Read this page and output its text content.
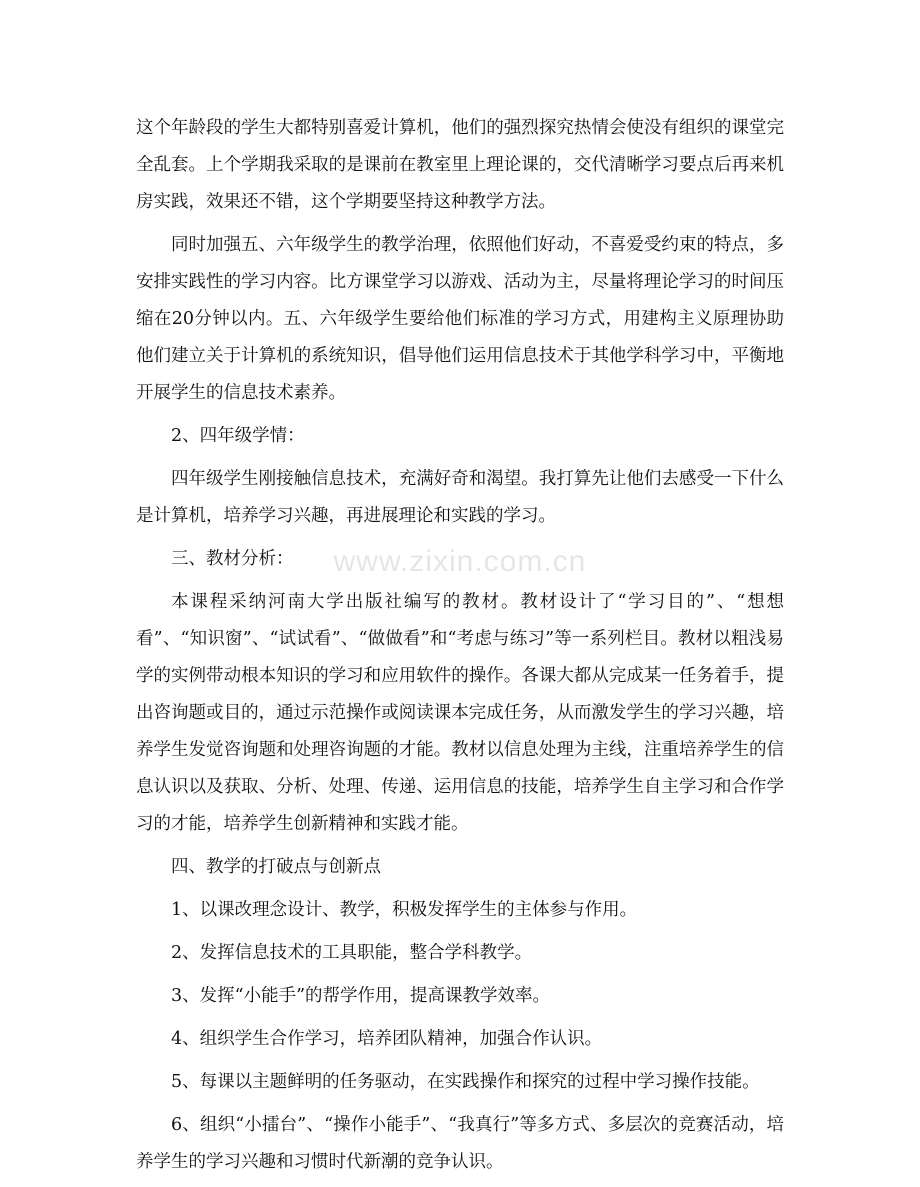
这个年龄段的学生大都特别喜爱计算机，他们的强烈探究热情会使没有组织的课堂完全乱套。上个学期我采取的是课前在教室里上理论课的，交代清晰学习要点后再来机房实践，效果还不错，这个学期要坚持这种教学方法。

同时加强五、六年级学生的教学治理，依照他们好动，不喜爱受约束的特点，多安排实践性的学习内容。比方课堂学习以游戏、活动为主，尽量将理论学习的时间压缩在20分钟以内。五、六年级学生要给他们标准的学习方式，用建构主义原理协助他们建立关于计算机的系统知识，倡导他们运用信息技术于其他学科学习中，平衡地开展学生的信息技术素养。

2、四年级学情：

四年级学生刚接触信息技术，充满好奇和渴望。我打算先让他们去感受一下什么是计算机，培养学习兴趣，再进展理论和实践的学习。

三、教材分析：

本课程采纳河南大学出版社编写的教材。教材设计了“学习目的”、“想想看”、“知识窗”、“试试看”、“做做看”和“考虑与练习”等一系列栏目。教材以粗浅易学的实例带动根本知识的学习和应用软件的操作。各课大都从完成某一任务着手，提出咨询题或目的，通过示范操作或阅读课本完成任务，从而激发学生的学习兴趣，培养学生发觉咨询题和处理咨询题的才能。教材以信息处理为主线，注重培养学生的信息认识以及获取、分析、处理、传递、运用信息的技能，培养学生自主学习和合作学习的才能，培养学生创新精神和实践才能。

四、教学的打破点与创新点

1、以课改理念设计、教学，积极发挥学生的主体参与作用。

2、发挥信息技术的工具职能，整合学科教学。

3、发挥“小能手”的帮学作用，提高课教学效率。

4、组织学生合作学习，培养团队精神，加强合作认识。

5、每课以主题鲜明的任务驱动，在实践操作和探究的过程中学习操作技能。

6、组织“小擂台”、“操作小能手”、“我真行”等多方式、多层次的竞赛活动，培养学生的学习兴趣和习惯时代新潮的竞争认识。

www.zixin.com.cn
